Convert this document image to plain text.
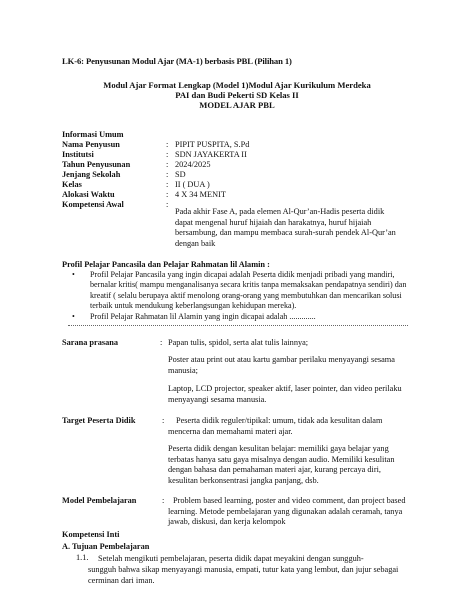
LK-6: Penyusunan Modul Ajar (MA-1) berbasis PBL (Pilihan 1)
Modul Ajar Format Lengkap (Model 1)Modul Ajar Kurikulum Merdeka
PAI dan Budi Pekerti SD Kelas II
MODEL AJAR PBL
Informasi Umum
Nama Penyusun	: PIPIT PUSPITA, S.Pd
Institutsi	: SDN JAYAKERTA II
Tahun Penyusunan	: 2024/2025
Jenjang Sekolah	: SD
Kelas	: II ( DUA )
Alokasi Waktu	: 4 X 34 MENIT
Kompetensi Awal	:
Pada akhir Fase A, pada elemen Al-Qur’an-Hadis peserta didik dapat mengenal huruf hijaiah dan harakatnya, huruf hijaiah bersambung, dan mampu membaca surah-surah pendek Al-Qur’an dengan baik
Profil Pelajar Pancasila dan Pelajar Rahmatan lil Alamin :
• Profil Pelajar Pancasila yang ingin dicapai adalah Peserta didik menjadi pribadi yang mandiri, bernalar kritis( mampu menganalisanya secara kritis tanpa memaksakan pendapatnya sendiri) dan kreatif ( selalu berupaya aktif menolong orang-orang yang membutuhkan dan mencarikan solusi terbaik untuk mendukung keberlangsungan kehidupan mereka).
• Profil Pelajar Rahmatan lil Alamin yang ingin dicapai adalah .............
Sarana prasana	: Papan tulis, spidol, serta alat tulis lainnya;
Poster atau print out atau kartu gambar perilaku menyayangi sesama manusia;
Laptop, LCD projector, speaker aktif, laser pointer, dan video perilaku menyayangi sesama manusia.
Target Peserta Didik	:	Peserta didik reguler/tipikal: umum, tidak ada kesulitan dalam mencerna dan memahami materi ajar.
Peserta didik dengan kesulitan belajar: memiliki gaya belajar yang terbatas hanya satu gaya misalnya dengan audio. Memiliki kesulitan dengan bahasa dan pemahaman materi ajar, kurang percaya diri, kesulitan berkonsentrasi jangka panjang, dsb.
Model Pembelajaran	:	Problem based learning, poster and video comment, dan project based learning. Metode pembelajaran yang digunakan adalah ceramah, tanya jawab, diskusi, dan kerja kelompok
Kompetensi Inti
A. Tujuan Pembelajaran
1.1.	Setelah mengikuti pembelajaran, peserta didik dapat meyakini dengan sungguh-
sungguh bahwa sikap menyayangi manusia, empati, tutur kata yang lembut, dan jujur sebagai cerminan dari iman.
